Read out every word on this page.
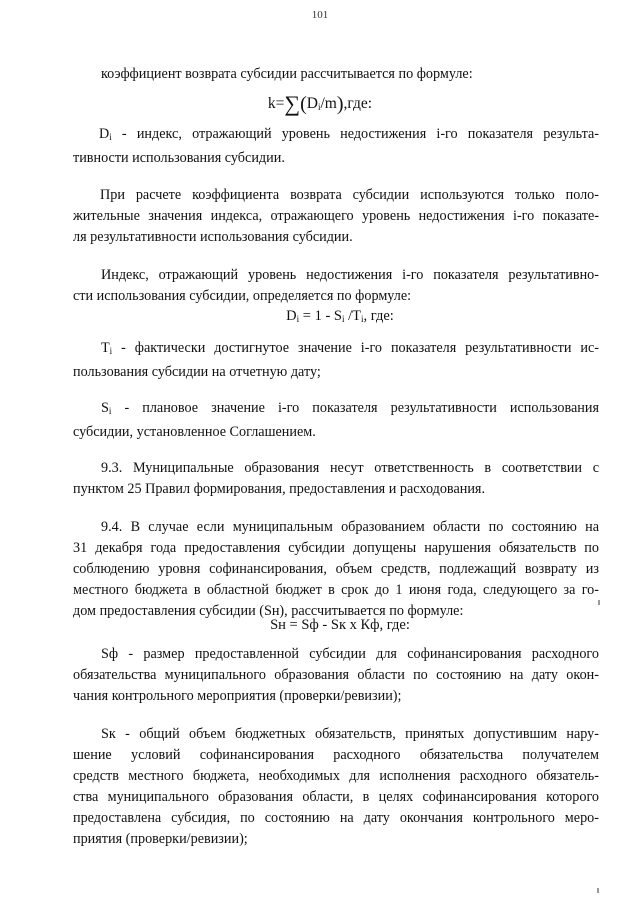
101
коэффициент возврата субсидии рассчитывается по формуле:
$k=\sum(D_i/m),где$:
$D_i$ - индекс, отражающий уровень недостижения i-го показателя результа-
тивности использования субсидии.
При расчете коэффициента возврата субсидии используются только поло-
жительные значения индекса, отражающего уровень недостижения i-го показате-
ля результативности использования субсидии.
Индекс, отражающий уровень недостижения i-го показателя результативно-
сти использования субсидии, определяется по формуле:
$D_i = 1 - S_i$ $/T_i$, где:
$T_i$ - фактически достигнутое значение i-го показателя результативности ис-
пользования субсидии на отчетную дату;
$S_i$ - плановое значение i-го показателя результативности использования
субсидии, установленное Соглашением.
9.3. Муниципальные образования несут ответственность в соответствии с
пунктом 25 Правил формирования, предоставления и расходования.
9.4. В случае если муниципальным образованием области по состоянию на
31 декабря года предоставления субсидии допущены нарушения обязательств по
соблюдению уровня софинансирования, объем средств, подлежащий возврату из
местного бюджета в областной бюджет в срок до 1 июня года, следующего за го-
дом предоставления субсидии (Sн), рассчитывается по формуле:
Sн = Sф - Sк х Кф, где:
Sф - размер предоставленной субсидии для софинансирования расходного
обязательства муниципального образования области по состоянию на дату окон-
чания контрольного мероприятия (проверки/ревизии);
Sк - общий объем бюджетных обязательств, принятых допустившим нару-
шение условий софинансирования расходного обязательства получателем
средств местного бюджета, необходимых для исполнения расходного обязатель-
ства муниципального образования области, в целях софинансирования которого
предоставлена субсидия, по состоянию на дату окончания контрольного меро-
приятия (проверки/ревизии);
